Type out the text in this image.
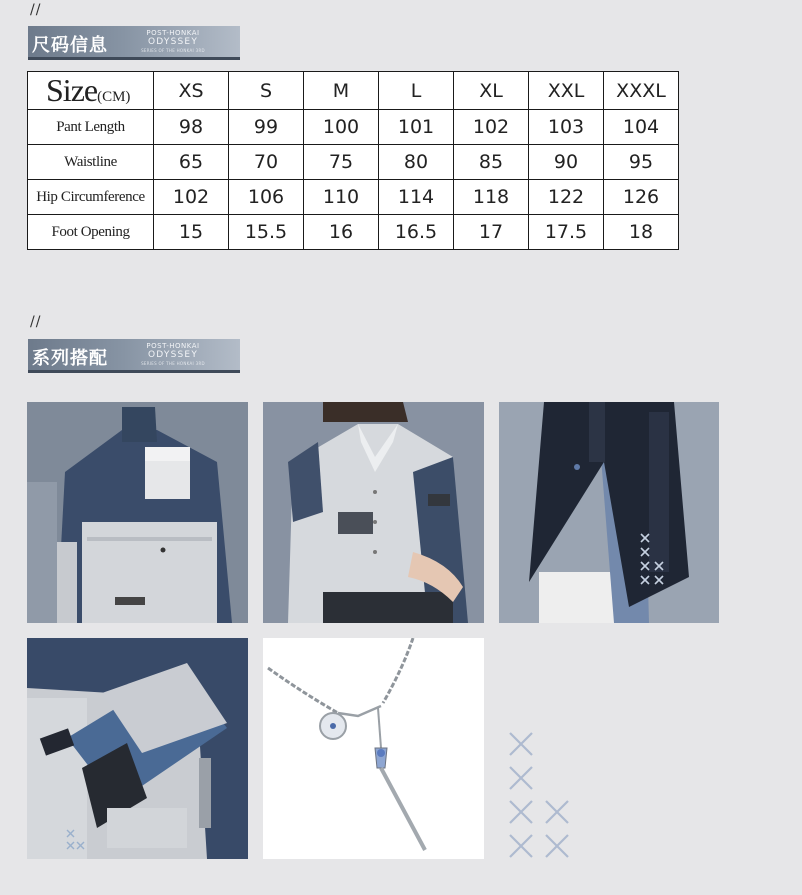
//
尺码信息
POST-HONKAI
ODYSSEY
SERIES OF THE HONKAI 3RD
Size(CM)	XS	S	M	L	XL	XXL	XXXL
Pant Length	98	99	100	101	102	103	104
Waistline	65	70	75	80	85	90	95
Hip Circumference	102	106	110	114	118	122	126
Foot Opening	15	15.5	16	16.5	17	17.5	18
//
系列搭配
POST-HONKAI
ODYSSEY
SERIES OF THE HONKAI 3RD
